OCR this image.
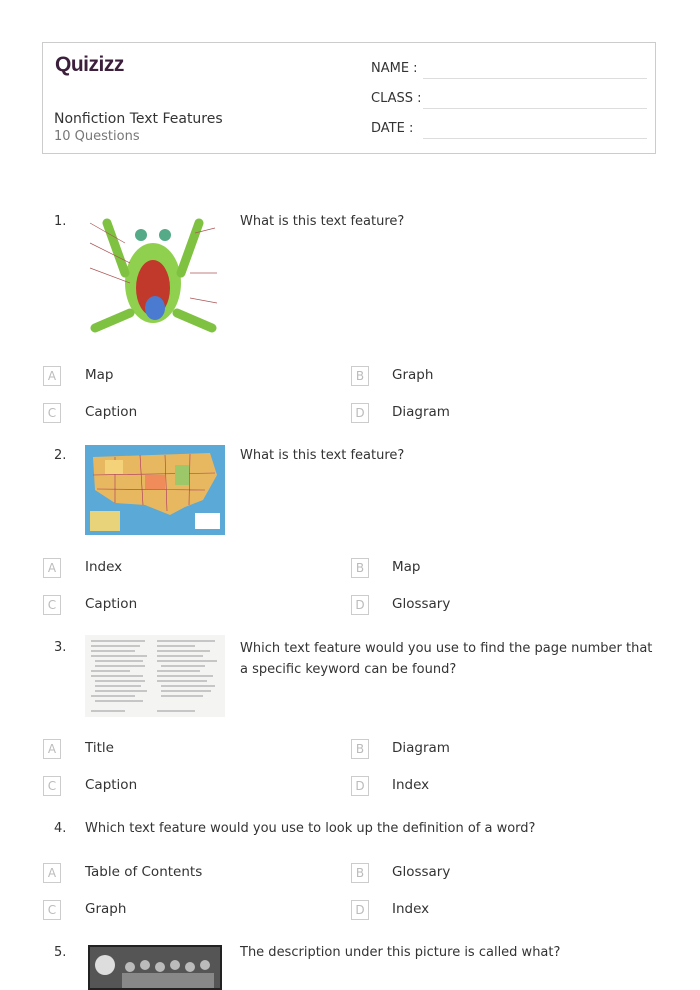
Quizizz
Nonfiction Text Features
10 Questions
NAME :
CLASS :
DATE :
1.	What is this text feature?
A	Map	B	Graph
C	Caption	D	Diagram
2.	What is this text feature?
A	Index	B	Map
C	Caption	D	Glossary
3.	Which text feature would you use to find the page number that a specific keyword can be found?
A	Title	B	Diagram
C	Caption	D	Index
4. Which text feature would you use to look up the definition of a word?
A	Table of Contents	B	Glossary
C	Graph	D	Index
5.	The description under this picture is called what?
